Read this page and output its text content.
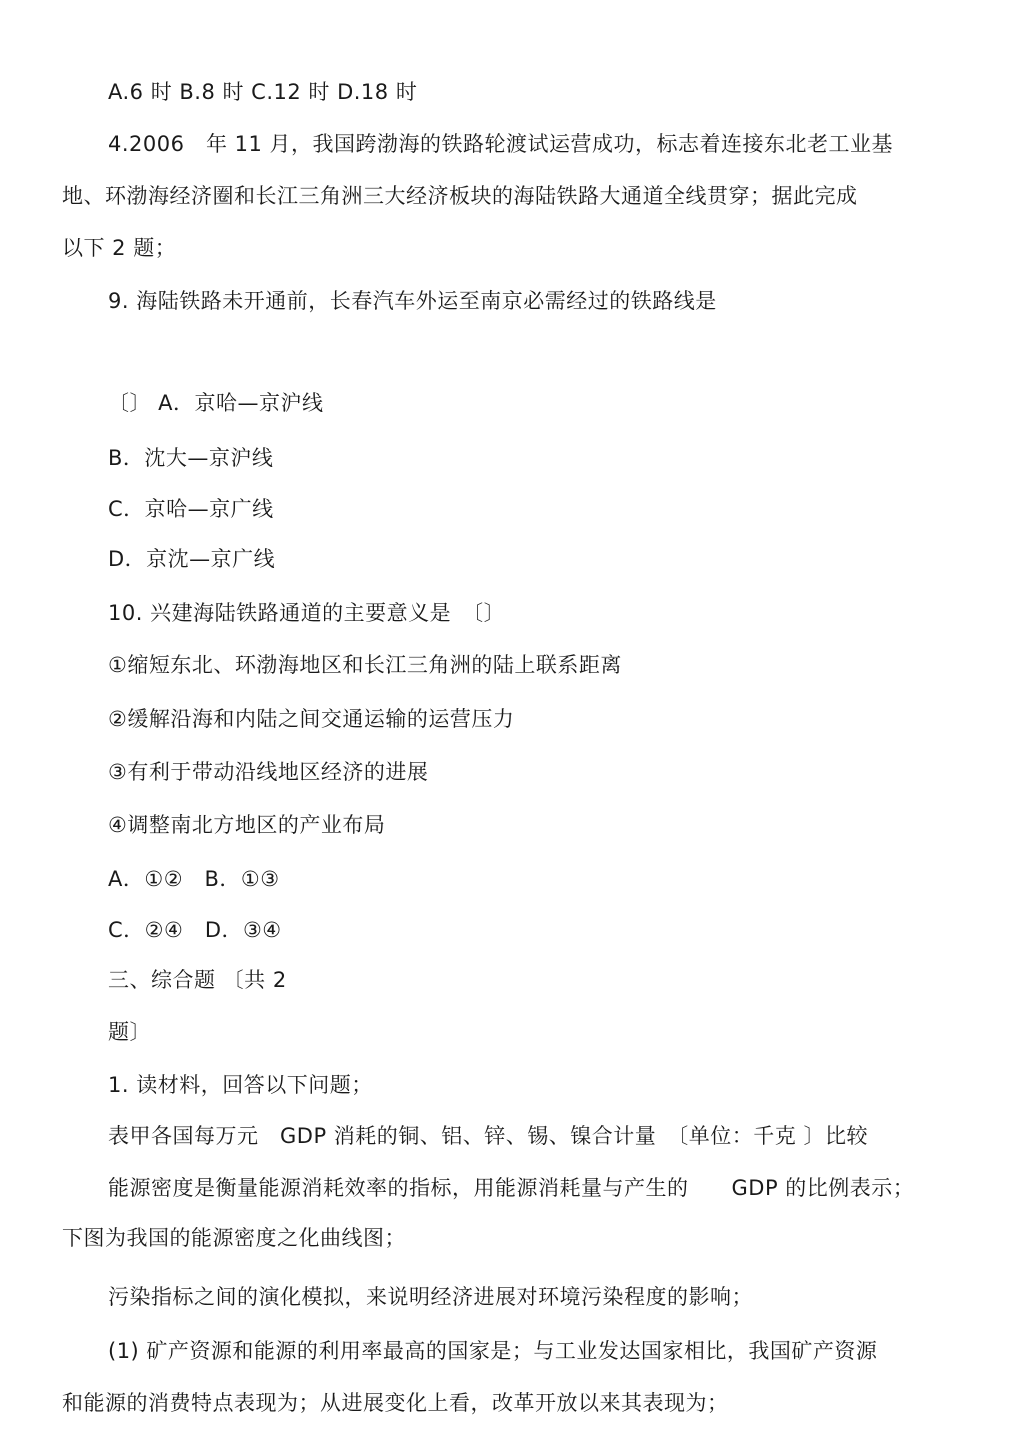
A.6 时 B.8 时 C.12 时 D.18 时
4.2006　年 11 月，我国跨渤海的铁路轮渡试运营成功，标志着连接东北老工业基
地、环渤海经济圈和长江三角洲三大经济板块的海陆铁路大通道全线贯穿；据此完成
以下 2 题；
9. 海陆铁路未开通前，长春汽车外运至南京必需经过的铁路线是
〔〕 A．京哈—京沪线
B．沈大—京沪线
C．京哈—京广线
D．京沈—京广线
10. 兴建海陆铁路通道的主要意义是　〔〕
①缩短东北、环渤海地区和长江三角洲的陆上联系距离
②缓解沿海和内陆之间交通运输的运营压力
③有利于带动沿线地区经济的进展
④调整南北方地区的产业布局
A．①②　B．①③
C．②④　D．③④
三、综合题 〔共 2
题〕
1. 读材料，回答以下问题；
表甲各国每万元　GDP 消耗的铜、铝、锌、锡、镍合计量　〔单位：千克 〕比较
能源密度是衡量能源消耗效率的指标，用能源消耗量与产生的　　GDP 的比例表示；
下图为我国的能源密度之化曲线图；
污染指标之间的演化模拟，来说明经济进展对环境污染程度的影响；
(1) 矿产资源和能源的利用率最高的国家是；与工业发达国家相比，我国矿产资源
和能源的消费特点表现为；从进展变化上看，改革开放以来其表现为；
